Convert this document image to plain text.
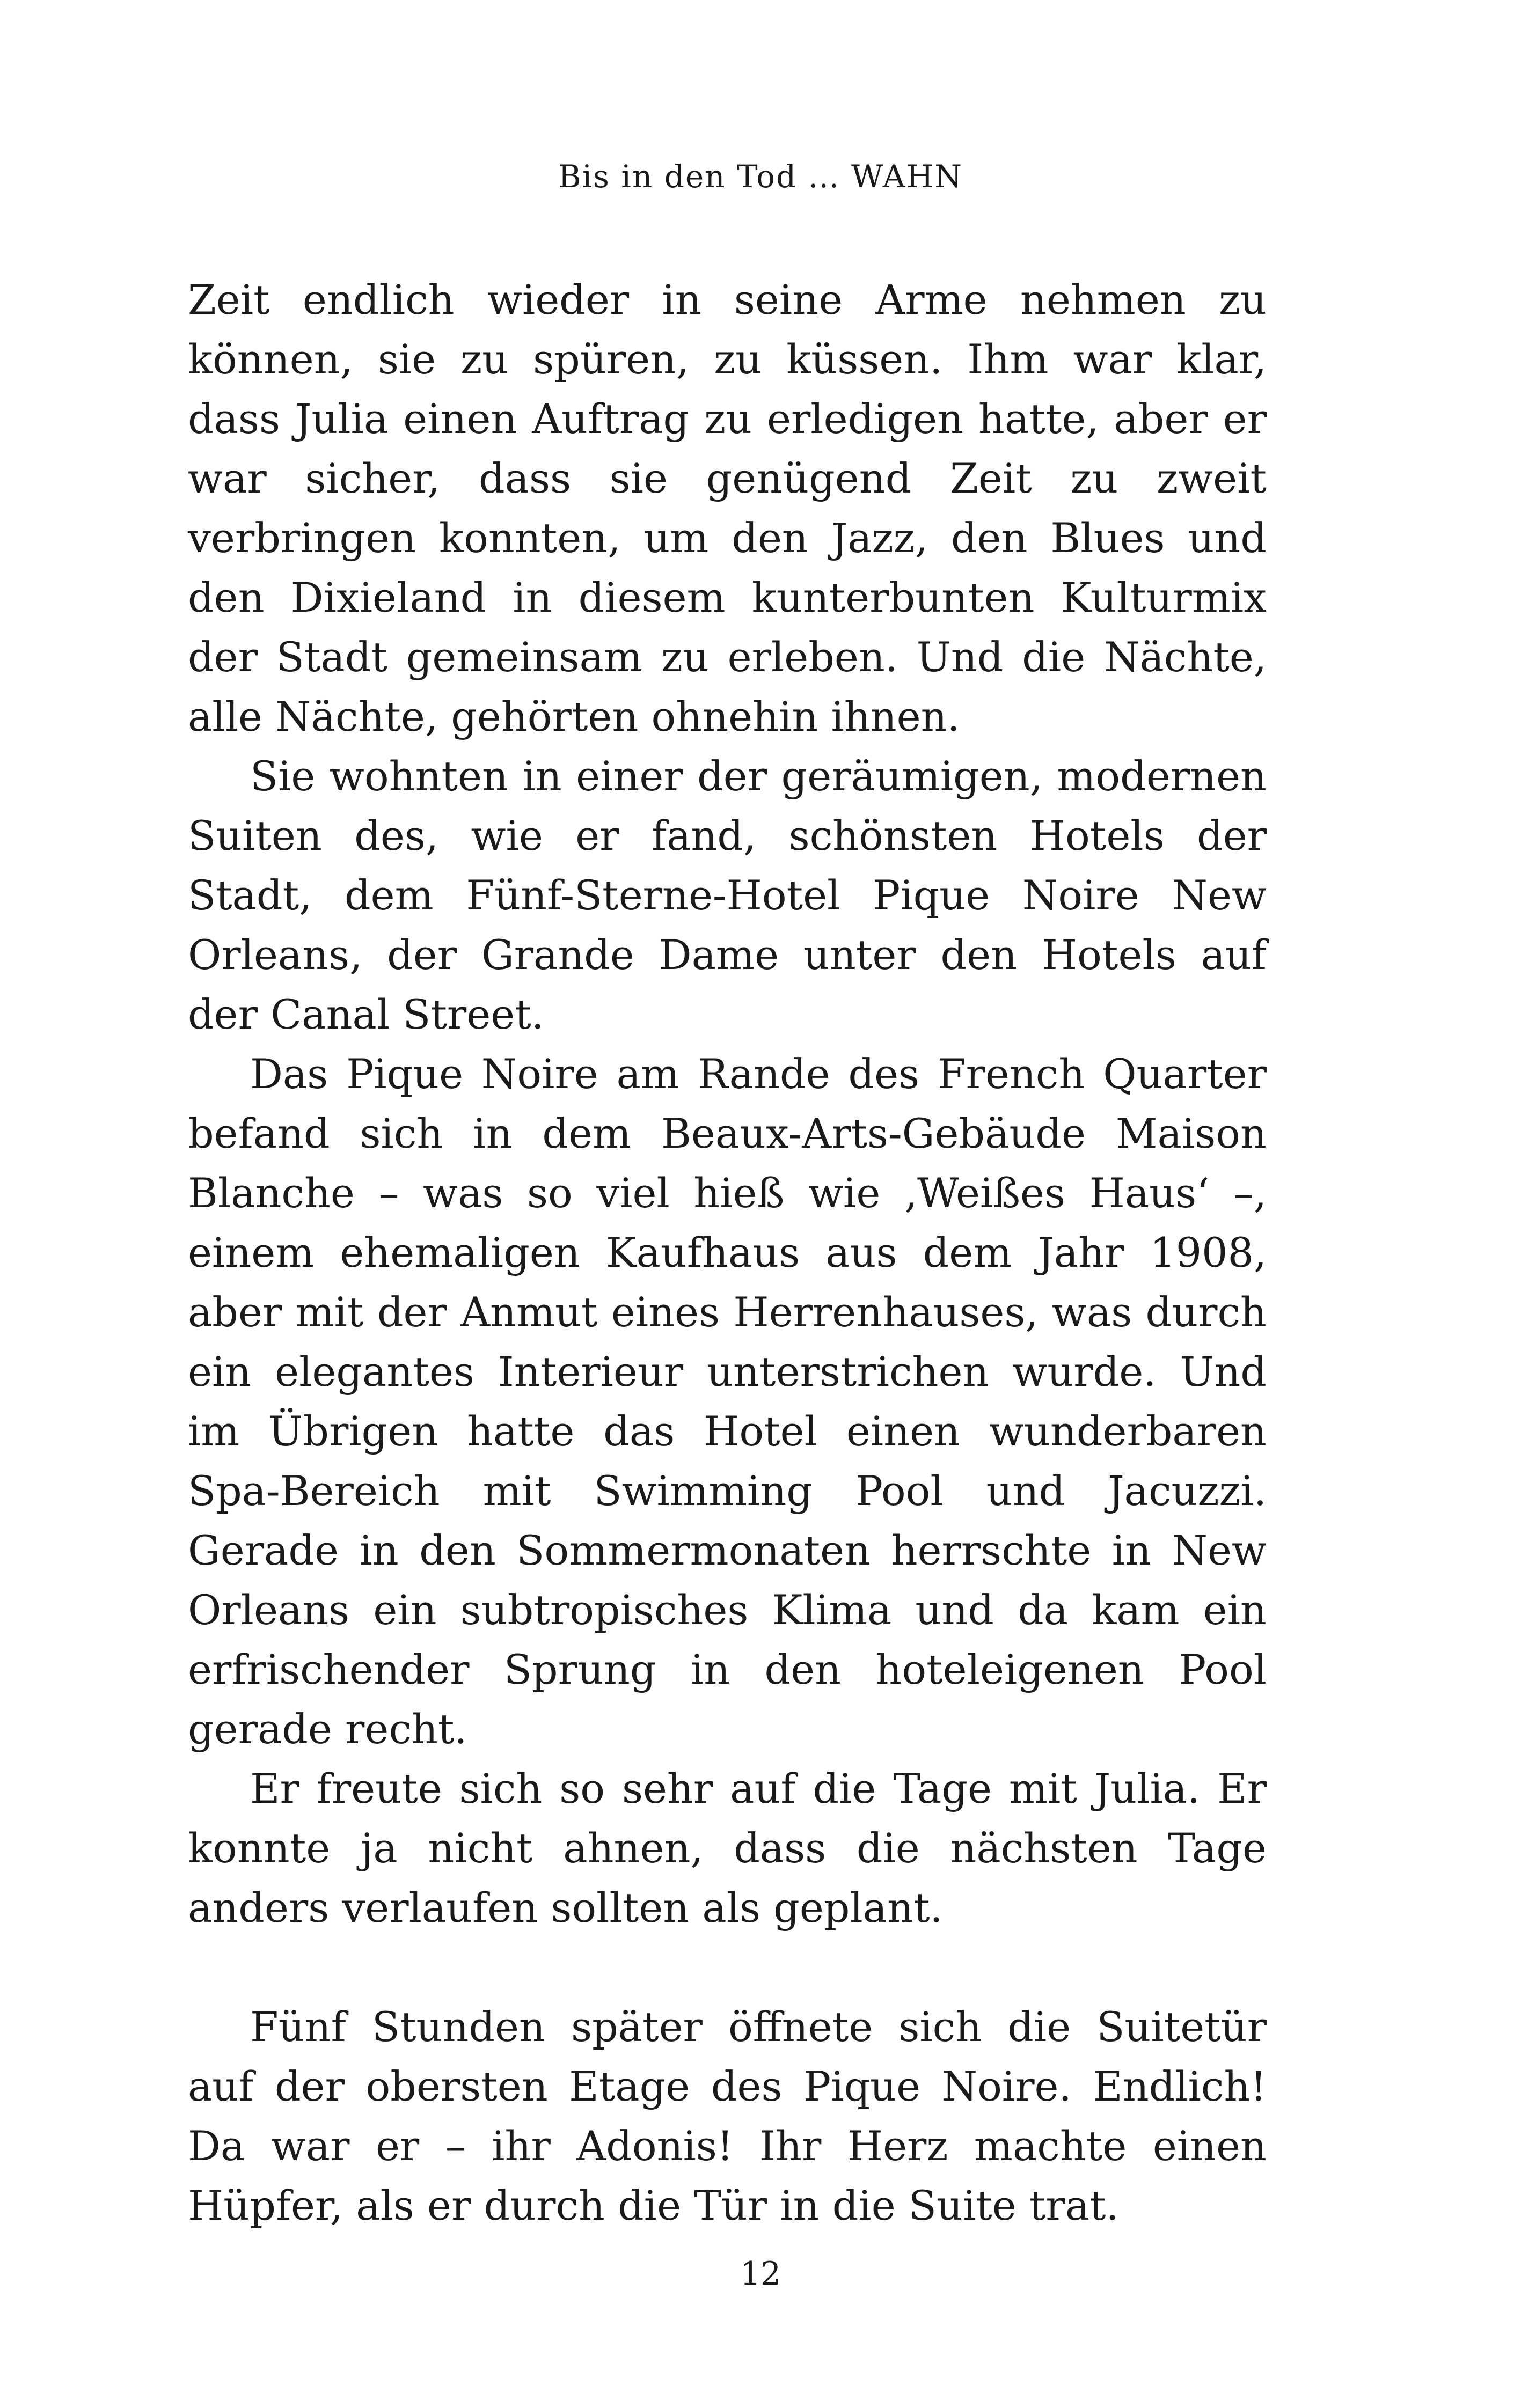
Bis in den Tod … WAHN

Zeit endlich wieder in seine Arme nehmen zu können, sie zu spüren, zu küssen. Ihm war klar, dass Julia einen Auftrag zu erledigen hatte, aber er war sicher, dass sie genügend Zeit zu zweit verbringen konnten, um den Jazz, den Blues und den Dixieland in diesem kunterbunten Kulturmix der Stadt gemeinsam zu erleben. Und die Nächte, alle Nächte, gehörten ohnehin ihnen.

Sie wohnten in einer der geräumigen, modernen Suiten des, wie er fand, schönsten Hotels der Stadt, dem Fünf-Sterne-Hotel Pique Noire New Orleans, der Grande Dame unter den Hotels auf der Canal Street.

Das Pique Noire am Rande des French Quarter befand sich in dem Beaux-Arts-Gebäude Maison Blanche – was so viel hieß wie ‚Weißes Haus‘ –, einem ehemaligen Kaufhaus aus dem Jahr 1908, aber mit der Anmut eines Herrenhauses, was durch ein elegantes Interieur unterstrichen wurde. Und im Übrigen hatte das Hotel einen wunderbaren Spa-Bereich mit Swimming Pool und Jacuzzi. Gerade in den Sommermonaten herrschte in New Orleans ein subtropisches Klima und da kam ein erfrischender Sprung in den hoteleigenen Pool gerade recht.

Er freute sich so sehr auf die Tage mit Julia. Er konnte ja nicht ahnen, dass die nächsten Tage anders verlaufen sollten als geplant.

Fünf Stunden später öffnete sich die Suitetür auf der obersten Etage des Pique Noire. Endlich! Da war er – ihr Adonis! Ihr Herz machte einen Hüpfer, als er durch die Tür in die Suite trat.

12
